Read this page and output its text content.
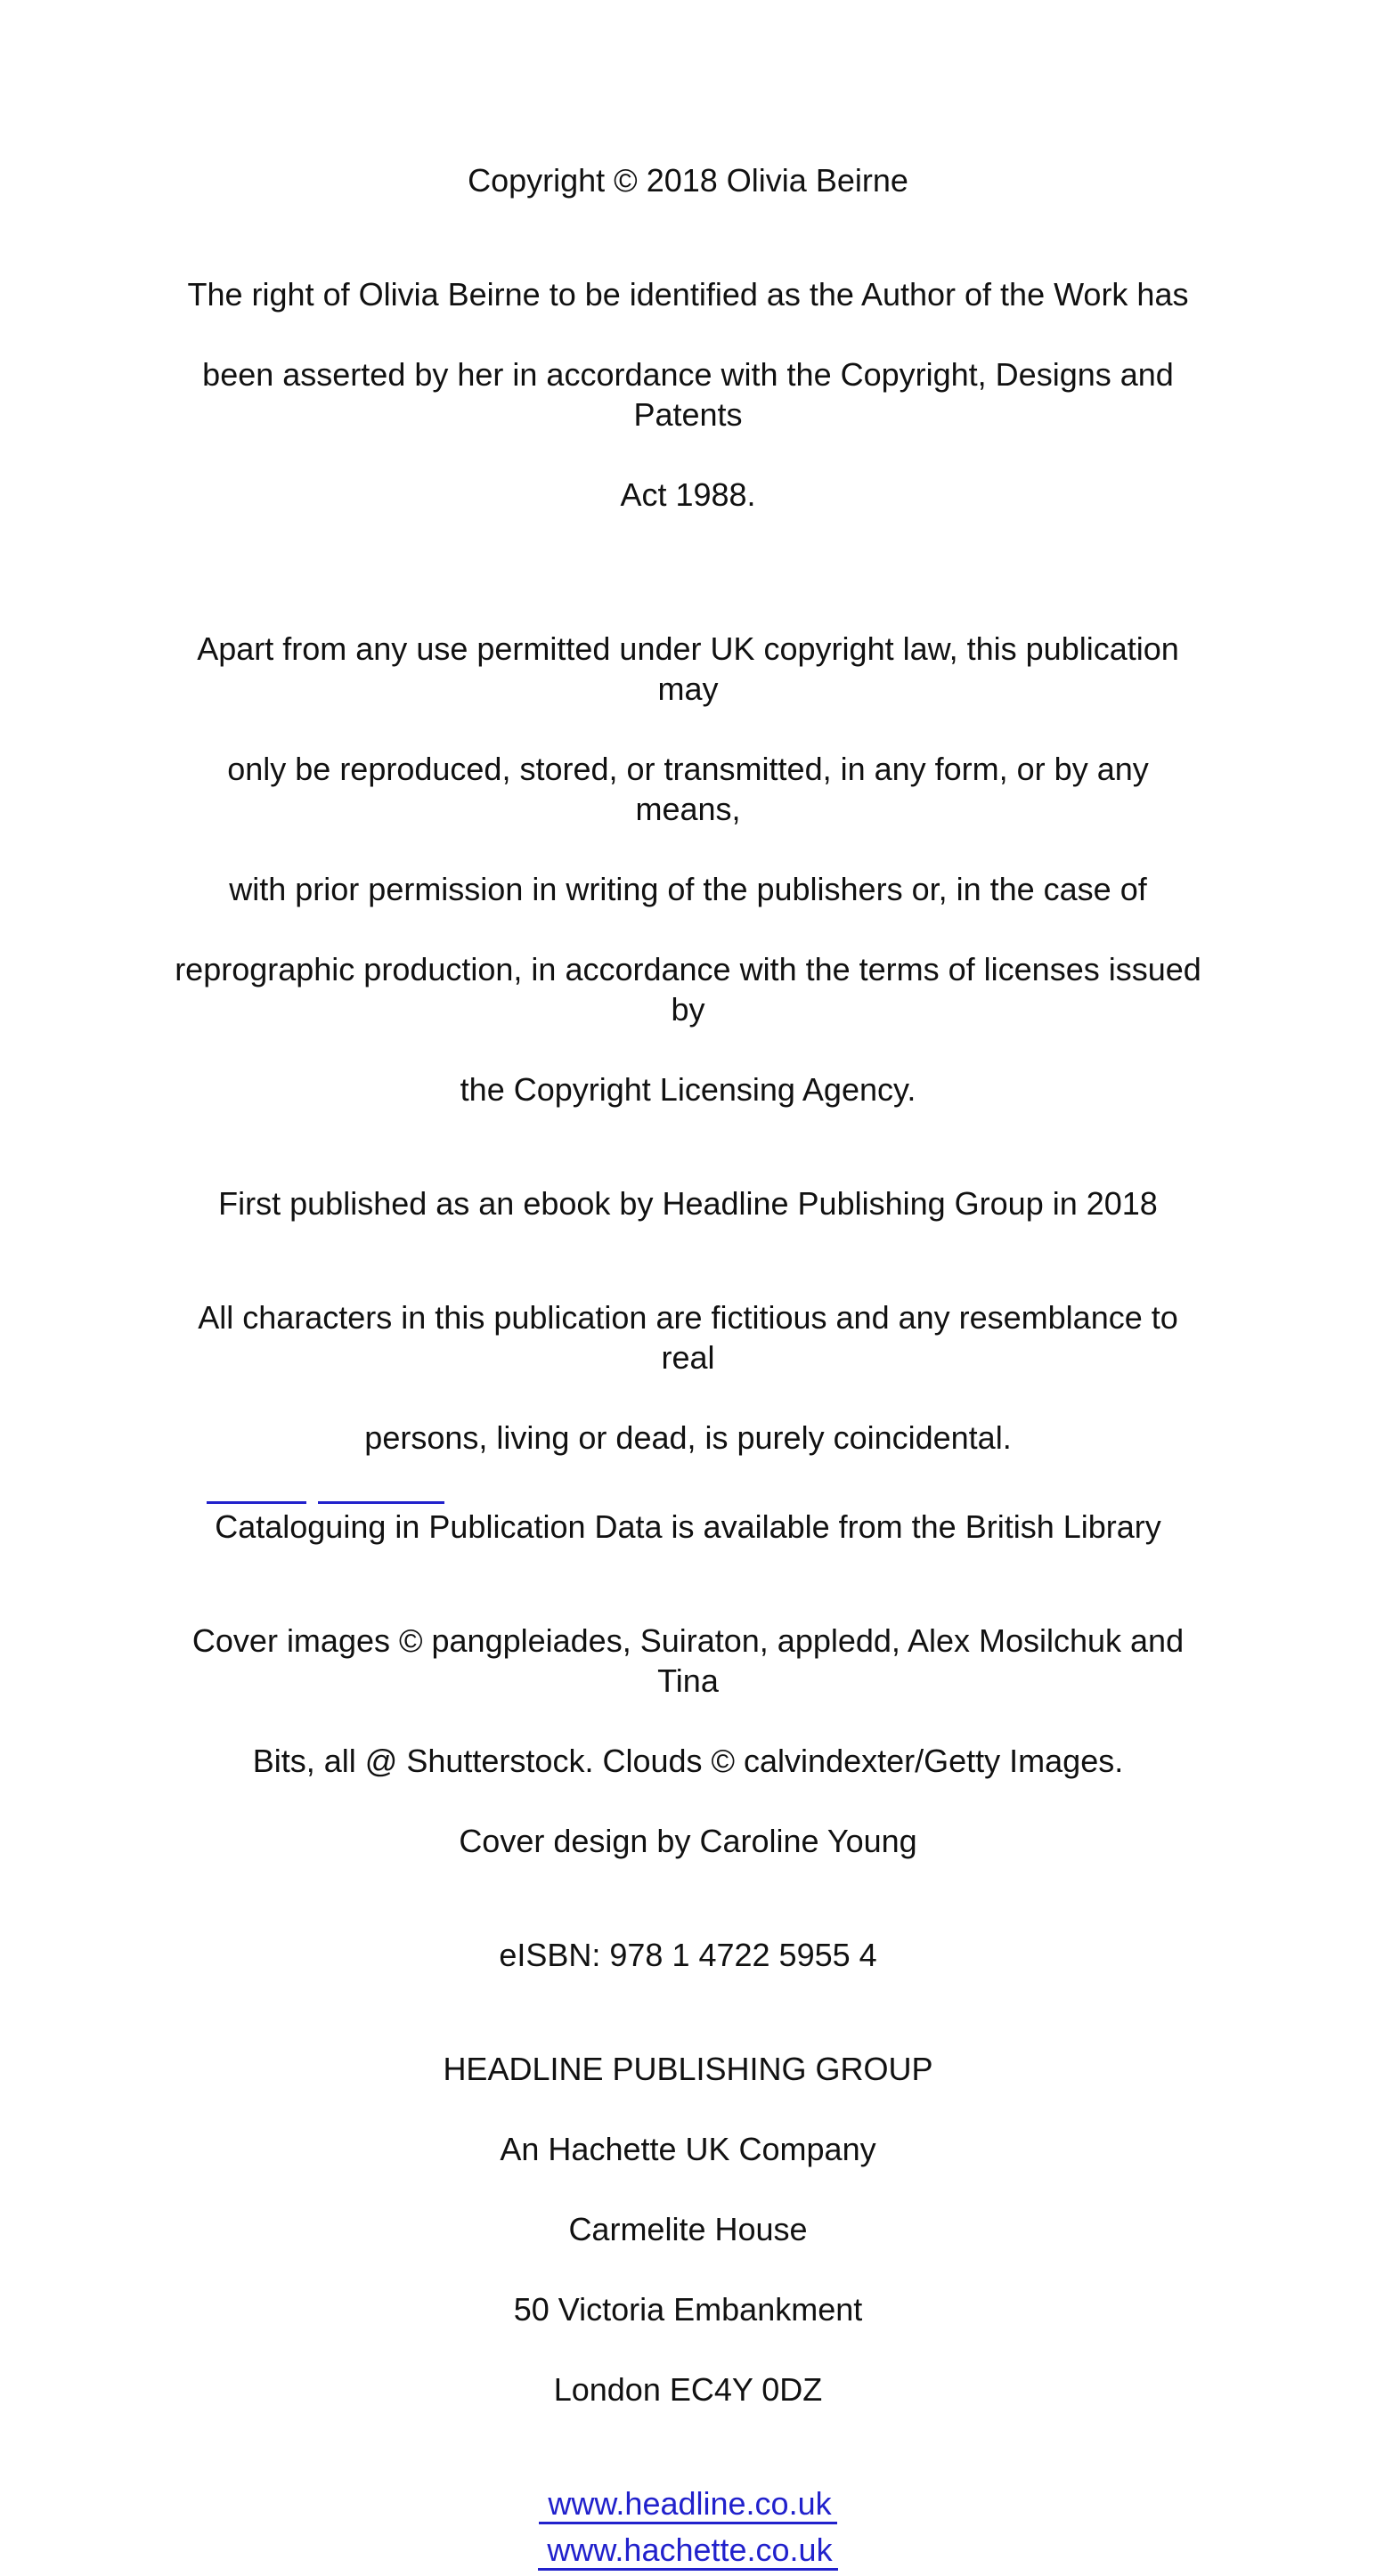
Copyright © 2018 Olivia Beirne

The right of Olivia Beirne to be identified as the Author of the Work has

been asserted by her in accordance with the Copyright, Designs and Patents

Act 1988.

Apart from any use permitted under UK copyright law, this publication may

only be reproduced, stored, or transmitted, in any form, or by any means,

with prior permission in writing of the publishers or, in the case of

reprographic production, in accordance with the terms of licenses issued by

the Copyright Licensing Agency.

First published as an ebook by Headline Publishing Group in 2018

All characters in this publication are fictitious and any resemblance to real

persons, living or dead, is purely coincidental.

Cataloguing in Publication Data is available from the British Library

Cover images © pangpleiades, Suiraton, appledd, Alex Mosilchuk and Tina

Bits, all @ Shutterstock. Clouds © calvindexter/Getty Images.

Cover design by Caroline Young

eISBN: 978 1 4722 5955 4

HEADLINE PUBLISHING GROUP

An Hachette UK Company

Carmelite House

50 Victoria Embankment

London EC4Y 0DZ

www.headline.co.uk
www.hachette.co.uk
